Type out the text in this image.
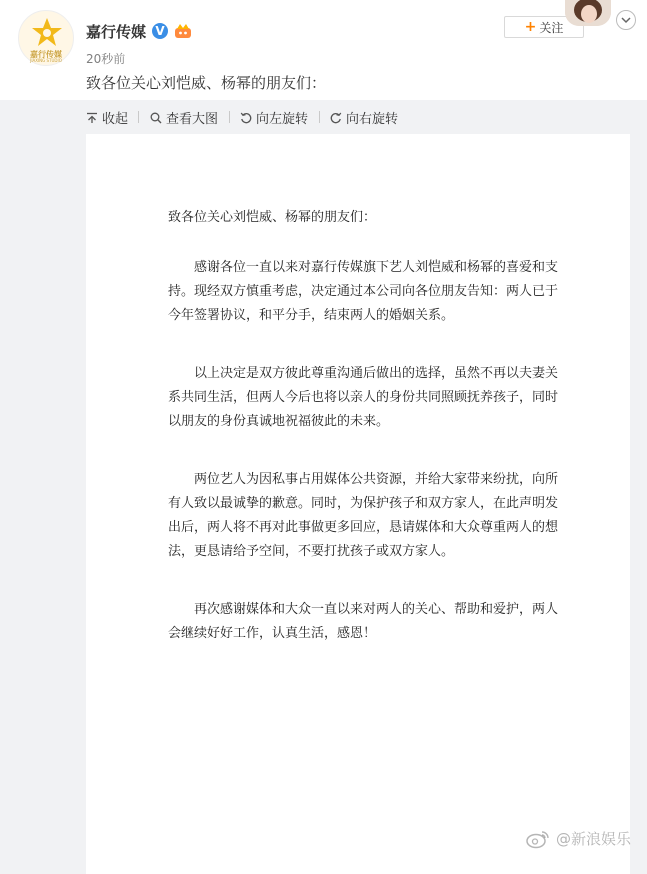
嘉行传媒
JIAXING STUDIO
嘉行传媒 V
20秒前
致各位关心刘恺威、杨幂的朋友们：
+ 关注
收起	查看大图	向左旋转	向右旋转
致各位关心刘恺威、杨幂的朋友们：

感谢各位一直以来对嘉行传媒旗下艺人刘恺威和杨幂的喜爱和支持。现经双方慎重考虑，决定通过本公司向各位朋友告知：两人已于今年签署协议，和平分手，结束两人的婚姻关系。

以上决定是双方彼此尊重沟通后做出的选择，虽然不再以夫妻关系共同生活，但两人今后也将以亲人的身份共同照顾抚养孩子，同时以朋友的身份真诚地祝福彼此的未来。

两位艺人为因私事占用媒体公共资源，并给大家带来纷扰，向所有人致以最诚挚的歉意。同时，为保护孩子和双方家人，在此声明发出后，两人将不再对此事做更多回应，恳请媒体和大众尊重两人的想法，更恳请给予空间，不要打扰孩子或双方家人。

再次感谢媒体和大众一直以来对两人的关心、帮助和爱护，两人会继续好好工作，认真生活，感恩！

@新浪娱乐
